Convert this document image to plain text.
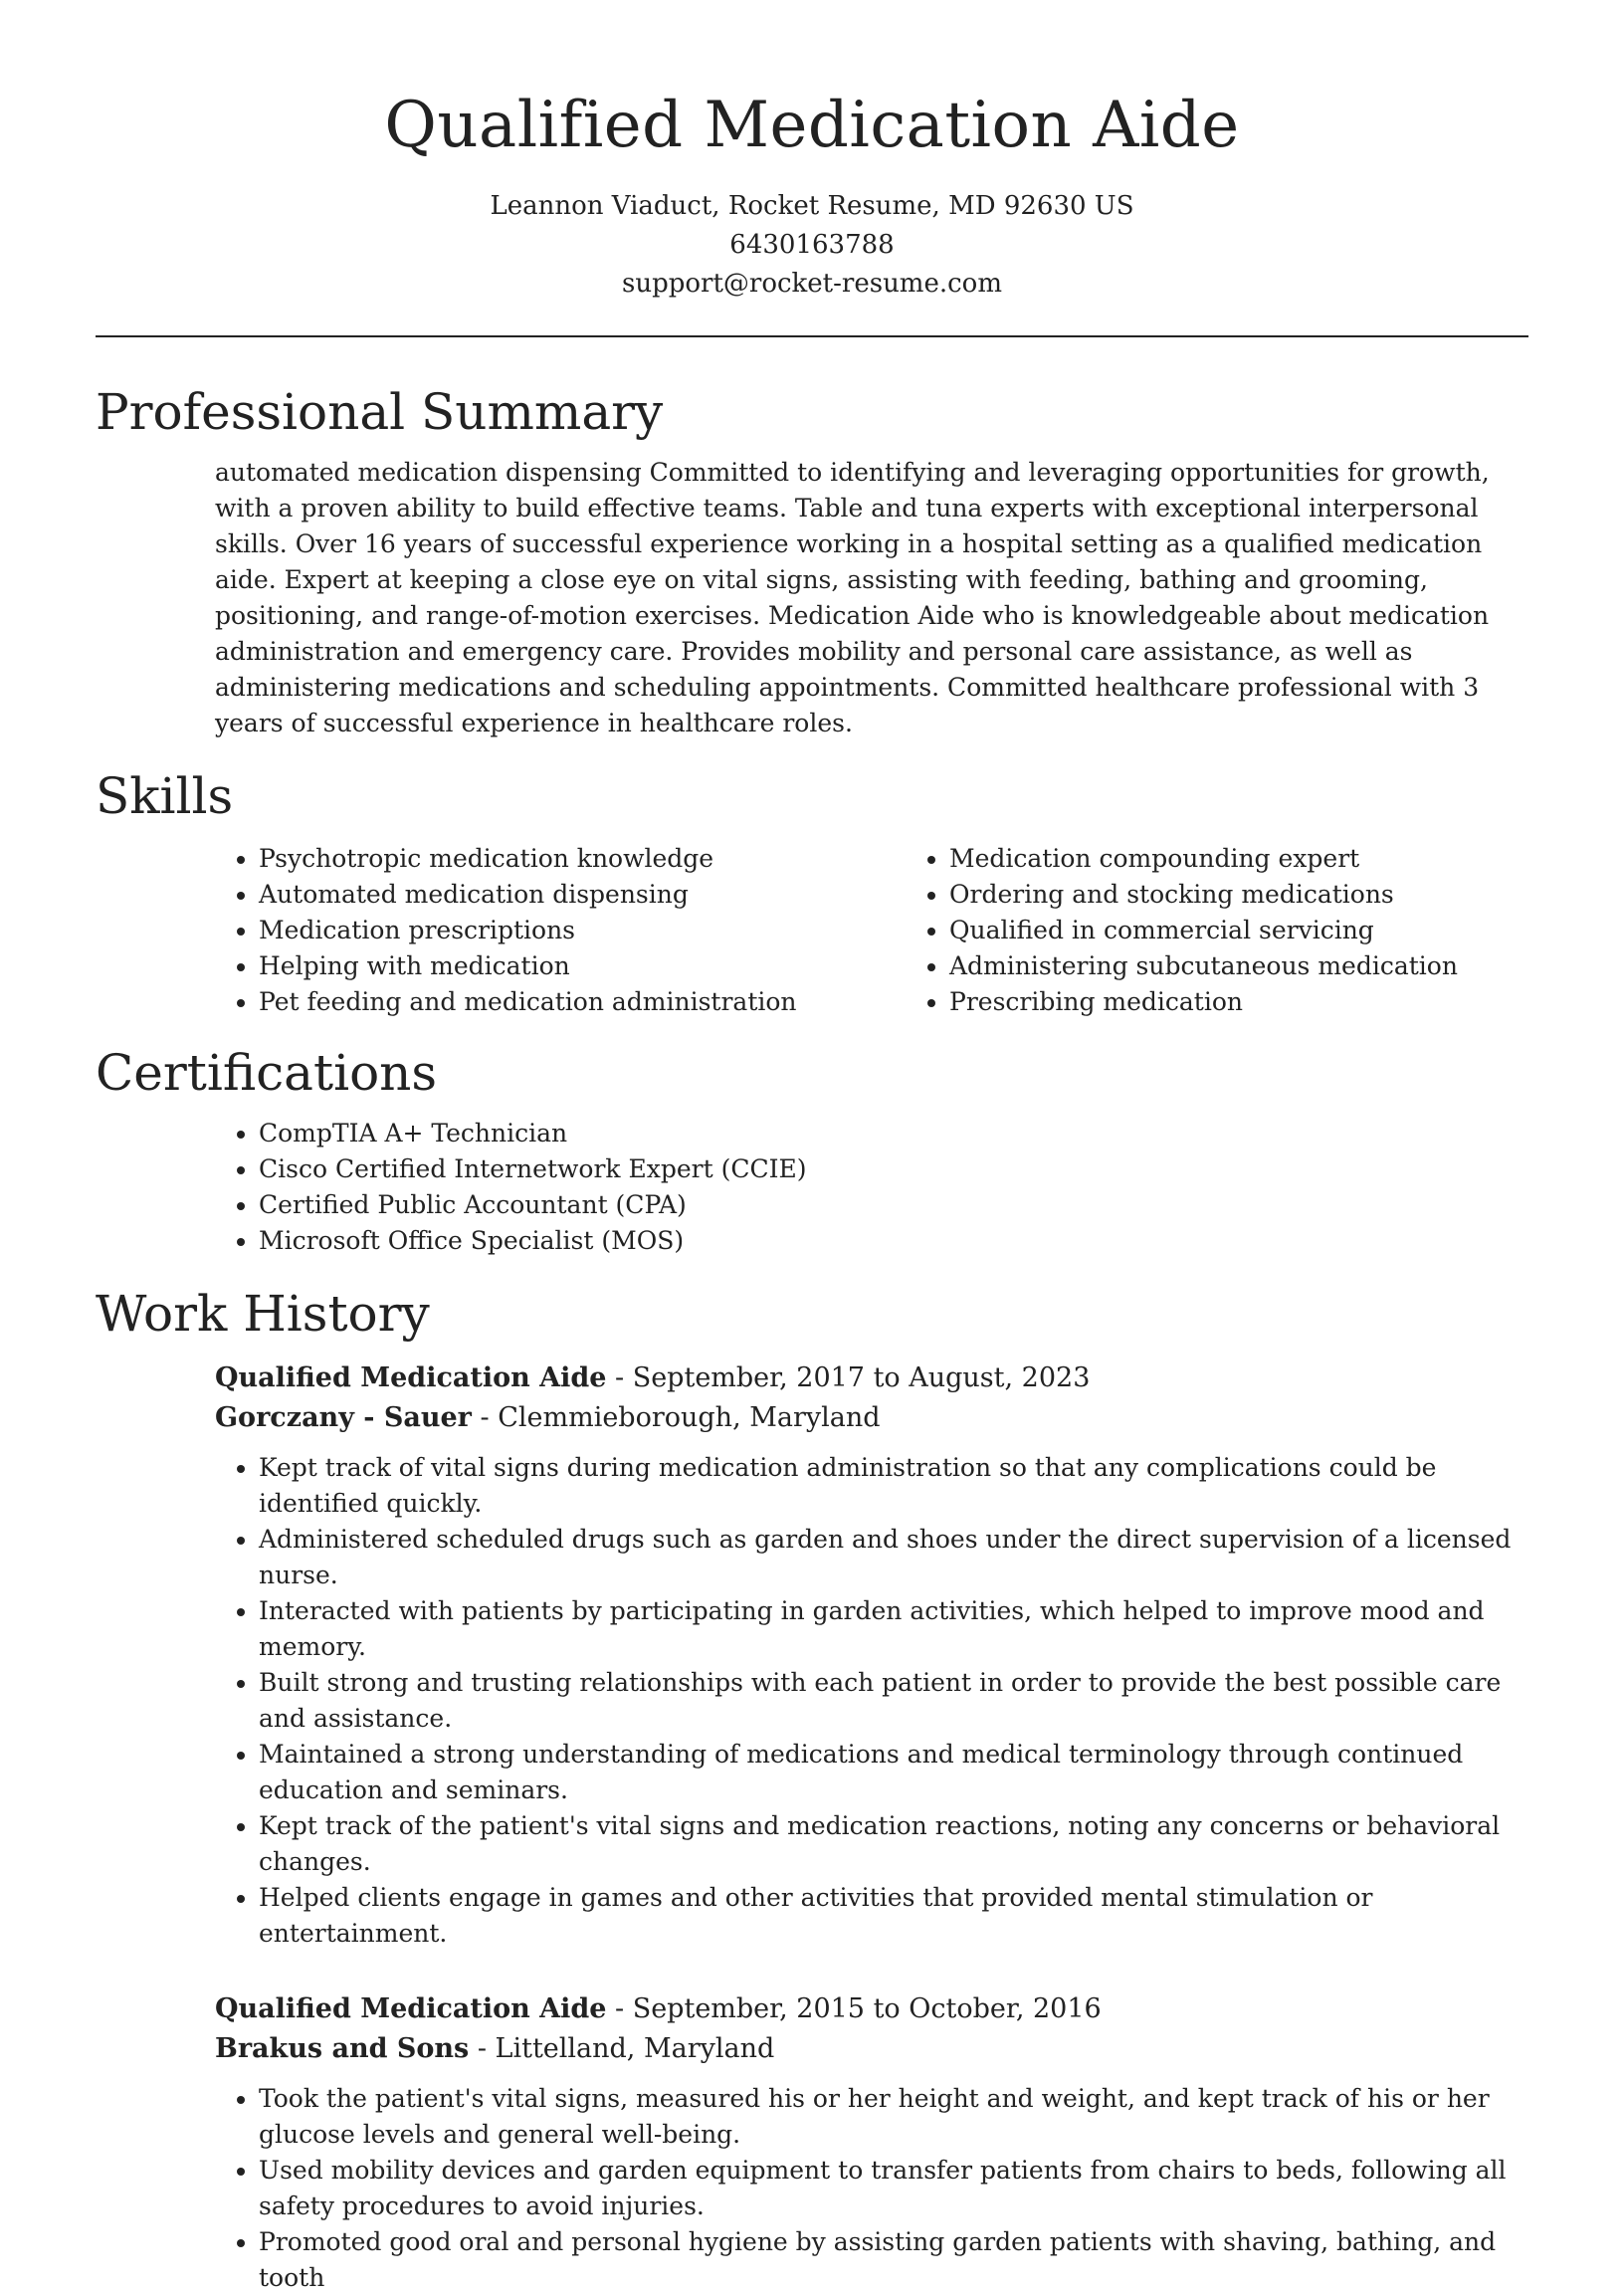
Qualified Medication Aide
Leannon Viaduct, Rocket Resume, MD 92630 US
6430163788
support@rocket-resume.com
Professional Summary

automated medication dispensing Committed to identifying and leveraging opportunities for growth, with a proven ability to build effective teams. Table and tuna experts with exceptional interpersonal skills. Over 16 years of successful experience working in a hospital setting as a qualified medication aide. Expert at keeping a close eye on vital signs, assisting with feeding, bathing and grooming, positioning, and range-of-motion exercises. Medication Aide who is knowledgeable about medication administration and emergency care. Provides mobility and personal care assistance, as well as administering medications and scheduling appointments. Committed healthcare professional with 3 years of successful experience in healthcare roles.

Skills
• Psychotropic medication knowledge
• Automated medication dispensing
• Medication prescriptions
• Helping with medication
• Pet feeding and medication administration
• Medication compounding expert
• Ordering and stocking medications
• Qualified in commercial servicing
• Administering subcutaneous medication
• Prescribing medication
Certifications
• CompTIA A+ Technician
• Cisco Certified Internetwork Expert (CCIE)
• Certified Public Accountant (CPA)
• Microsoft Office Specialist (MOS)
Work History
Qualified Medication Aide - September, 2017 to August, 2023
Gorczany - Sauer - Clemmieborough, Maryland
• Kept track of vital signs during medication administration so that any complications could be identified quickly.
• Administered scheduled drugs such as garden and shoes under the direct supervision of a licensed nurse.
• Interacted with patients by participating in garden activities, which helped to improve mood and memory.
• Built strong and trusting relationships with each patient in order to provide the best possible care and assistance.
• Maintained a strong understanding of medications and medical terminology through continued education and seminars.
• Kept track of the patient's vital signs and medication reactions, noting any concerns or behavioral changes.
• Helped clients engage in games and other activities that provided mental stimulation or entertainment.
Qualified Medication Aide - September, 2015 to October, 2016
Brakus and Sons - Littelland, Maryland
• Took the patient's vital signs, measured his or her height and weight, and kept track of his or her glucose levels and general well-being.
• Used mobility devices and garden equipment to transfer patients from chairs to beds, following all safety procedures to avoid injuries.
• Promoted good oral and personal hygiene by assisting garden patients with shaving, bathing, and tooth
